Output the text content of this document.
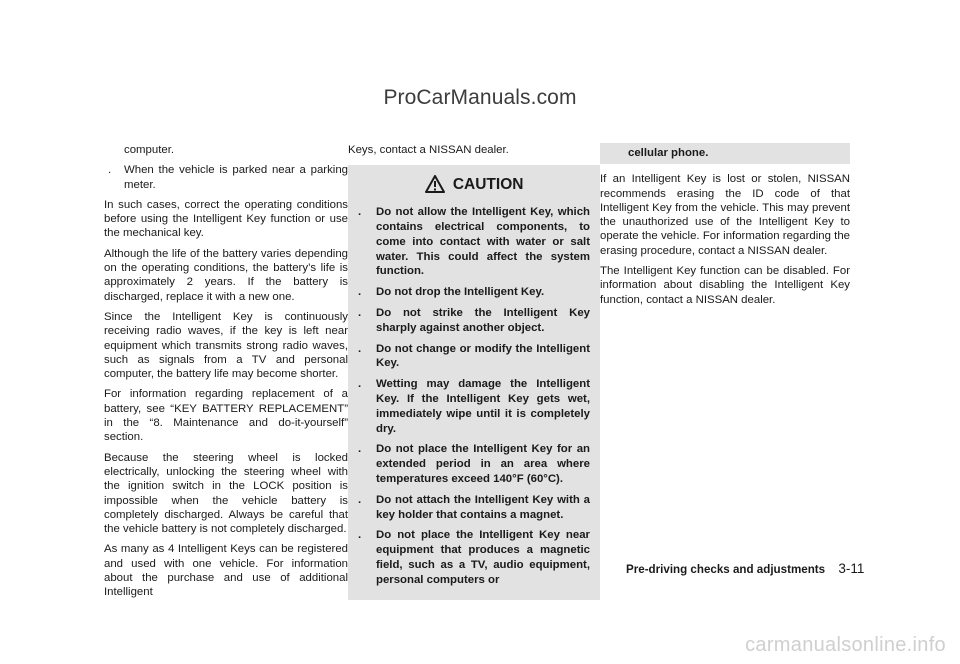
ProCarManuals.com

computer.

. When the vehicle is parked near a parking meter.

In such cases, correct the operating conditions before using the Intelligent Key function or use the mechanical key.

Although the life of the battery varies depending on the operating conditions, the battery’s life is approximately 2 years. If the battery is discharged, replace it with a new one.

Since the Intelligent Key is continuously receiving radio waves, if the key is left near equipment which transmits strong radio waves, such as signals from a TV and personal computer, the battery life may become shorter.

For information regarding replacement of a battery, see “KEY BATTERY REPLACEMENT” in the “8. Maintenance and do-it-yourself” section.

Because the steering wheel is locked electrically, unlocking the steering wheel with the ignition switch in the LOCK position is impossible when the vehicle battery is completely discharged. Always be careful that the vehicle battery is not completely discharged.

As many as 4 Intelligent Keys can be registered and used with one vehicle. For information about the purchase and use of additional Intelligent

Keys, contact a NISSAN dealer.

CAUTION
. Do not allow the Intelligent Key, which contains electrical components, to come into contact with water or salt water. This could affect the system function.
. Do not drop the Intelligent Key.
. Do not strike the Intelligent Key sharply against another object.
. Do not change or modify the Intelligent Key.
. Wetting may damage the Intelligent Key. If the Intelligent Key gets wet, immediately wipe until it is completely dry.
. Do not place the Intelligent Key for an extended period in an area where temperatures exceed 140°F (60°C).
. Do not attach the Intelligent Key with a key holder that contains a magnet.
. Do not place the Intelligent Key near equipment that produces a magnetic field, such as a TV, audio equipment, personal computers or
cellular phone.

If an Intelligent Key is lost or stolen, NISSAN recommends erasing the ID code of that Intelligent Key from the vehicle. This may prevent the unauthorized use of the Intelligent Key to operate the vehicle. For information regarding the erasing procedure, contact a NISSAN dealer.

The Intelligent Key function can be disabled. For information about disabling the Intelligent Key function, contact a NISSAN dealer.

Pre-driving checks and adjustments 3-11
carmanualsonline.info
